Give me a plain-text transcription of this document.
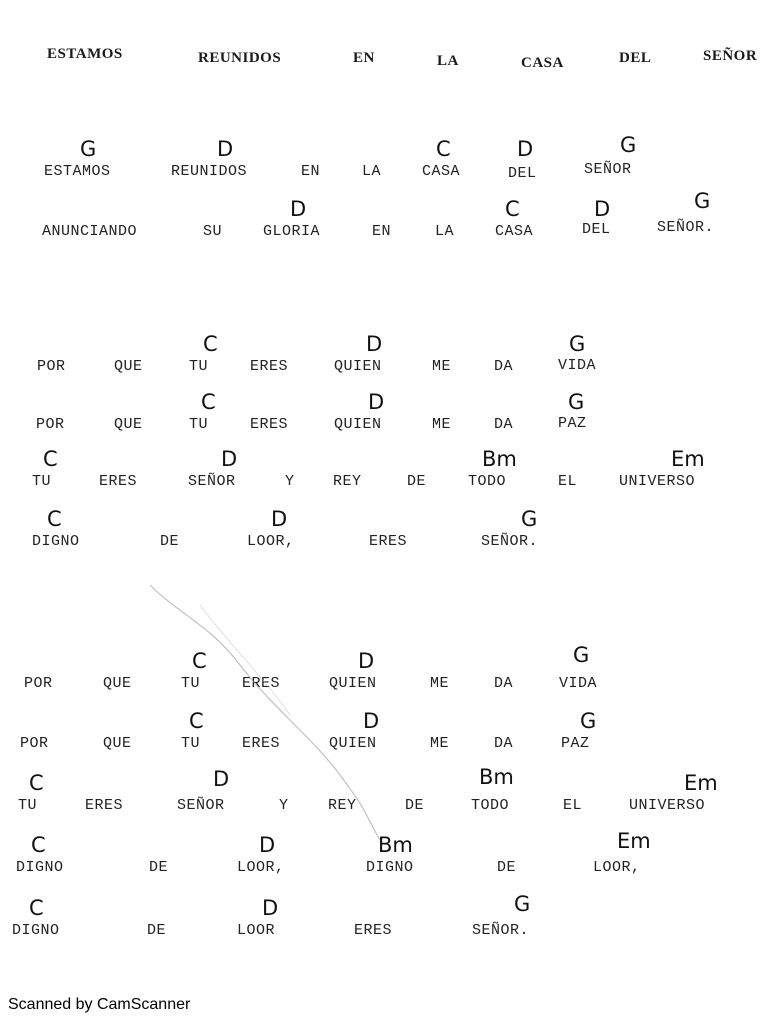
ESTAMOS	REUNIDOS	EN	LA	CASA	DEL	SEÑOR
G	D	C	D	G
ESTAMOS	REUNIDOS	EN	LA	CASA	DEL	SEÑOR
D	C	D	G
ANUNCIANDO	SU	GLORIA	EN	LA	CASA	DEL	SEÑOR.
C	D	G
POR	QUE	TU	ERES	QUIEN	ME	DA	VIDA
C	D	G
POR	QUE	TU	ERES	QUIEN	ME	DA	PAZ
C	D	Bm	Em
TU	ERES	SEÑOR	Y	REY	DE	TODO	EL	UNIVERSO
C	D	G
DIGNO	DE	LOOR,	ERES	SEÑOR.
C	D	G
POR	QUE	TU	ERES	QUIEN	ME	DA	VIDA
C	D	G
POR	QUE	TU	ERES	QUIEN	ME	DA	PAZ
C	D	Bm	Em
TU	ERES	SEÑOR	Y	REY	DE	TODO	EL	UNIVERSO
C	D	Bm	Em
DIGNO	DE	LOOR,	DIGNO	DE	LOOR,
C	D	G
DIGNO	DE	LOOR	ERES	SEÑOR.
Scanned by CamScanner
